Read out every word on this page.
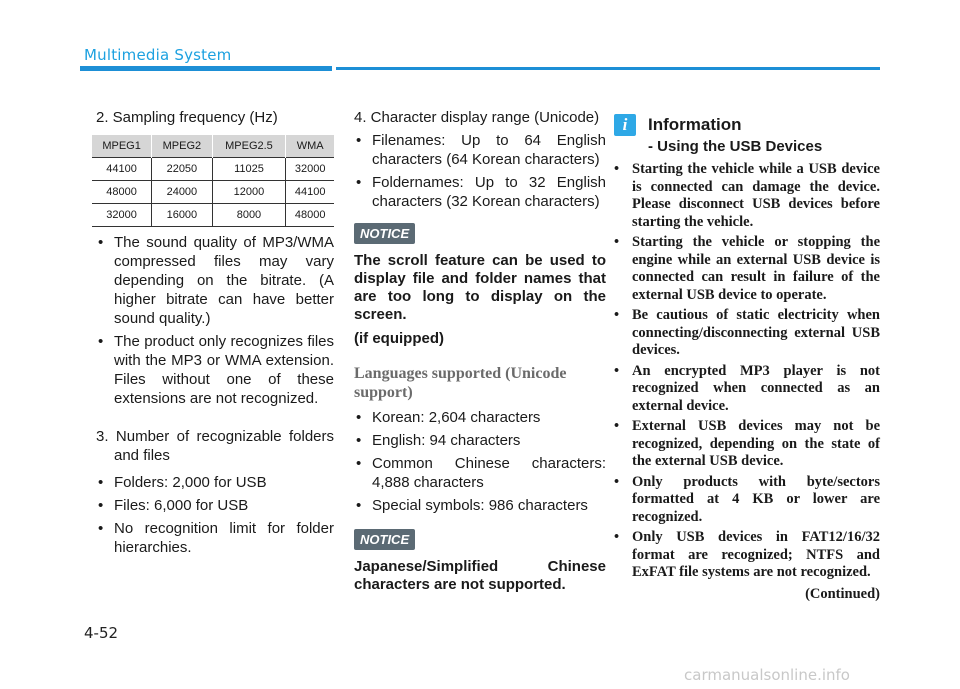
Multimedia System

2. Sampling frequency (Hz)

MPEG1	MPEG2	MPEG2.5	WMA
44100	22050	11025	32000
48000	24000	12000	44100
32000	16000	8000	48000

• The sound quality of MP3/WMA compressed files may vary depending on the bitrate. (A higher bitrate can have better sound quality.)

• The product only recognizes files with the MP3 or WMA extension. Files without one of these extensions are not recognized.

3. Number of recognizable folders and files

• Folders: 2,000 for USB

• Files: 6,000 for USB

• No recognition limit for folder hierarchies.

4. Character display range (Unicode)

• Filenames: Up to 64 English characters (64 Korean characters)

• Foldernames: Up to 32 English characters (32 Korean characters)

NOTICE

The scroll feature can be used to display file and folder names that are too long to display on the screen.

(if equipped)

Languages supported (Unicode support)

• Korean: 2,604 characters

• English: 94 characters

• Common Chinese characters: 4,888 characters

• Special symbols: 986 characters

NOTICE

Japanese/Simplified Chinese characters are not supported.

i Information

- Using the USB Devices

• Starting the vehicle while a USB device is connected can damage the device. Please disconnect USB devices before starting the vehicle.

• Starting the vehicle or stopping the engine while an external USB device is connected can result in failure of the external USB device to operate.

• Be cautious of static electricity when connecting/disconnecting external USB devices.

• An encrypted MP3 player is not recognized when connected as an external device.

• External USB devices may not be recognized, depending on the state of the external USB device.

• Only products with byte/sectors formatted at 4 KB or lower are recognized.

• Only USB devices in FAT12/16/32 format are recognized; NTFS and ExFAT file systems are not recognized.

(Continued)
4-52
carmanualsonline.info
